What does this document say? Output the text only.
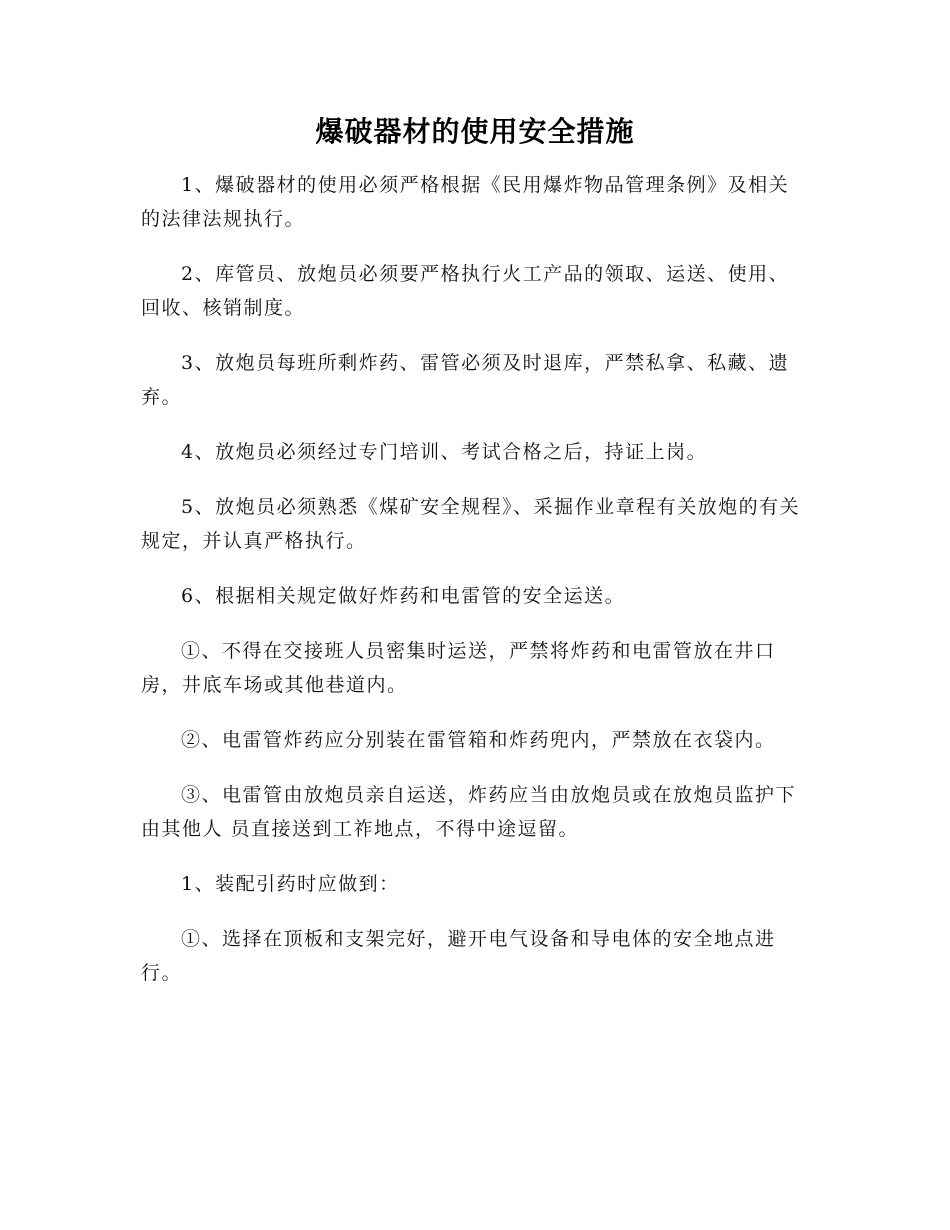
爆破器材的使用安全措施

1、爆破器材的使用必须严格根据《民用爆炸物品管理条例》及相关的法律法规执行。

2、库管员、放炮员必须要严格执行火工产品的领取、运送、使用、回收、核销制度。

3、放炮员每班所剩炸药、雷管必须及时退库，严禁私拿、私藏、遗弃。

4、放炮员必须经过专门培训、考试合格之后，持证上岗。

5、放炮员必须熟悉《煤矿安全规程》、采掘作业章程有关放炮的有关规定，并认真严格执行。

6、根据相关规定做好炸药和电雷管的安全运送。

①、不得在交接班人员密集时运送，严禁将炸药和电雷管放在井口房，井底车场或其他巷道内。

②、电雷管炸药应分别装在雷管箱和炸药兜内，严禁放在衣袋内。

③、电雷管由放炮员亲自运送，炸药应当由放炮员或在放炮员监护下由其他人 员直接送到工祚地点，不得中途逗留。

1、装配引药时应做到：

①、选择在顶板和支架完好，避开电气设备和导电体的安全地点进行。
